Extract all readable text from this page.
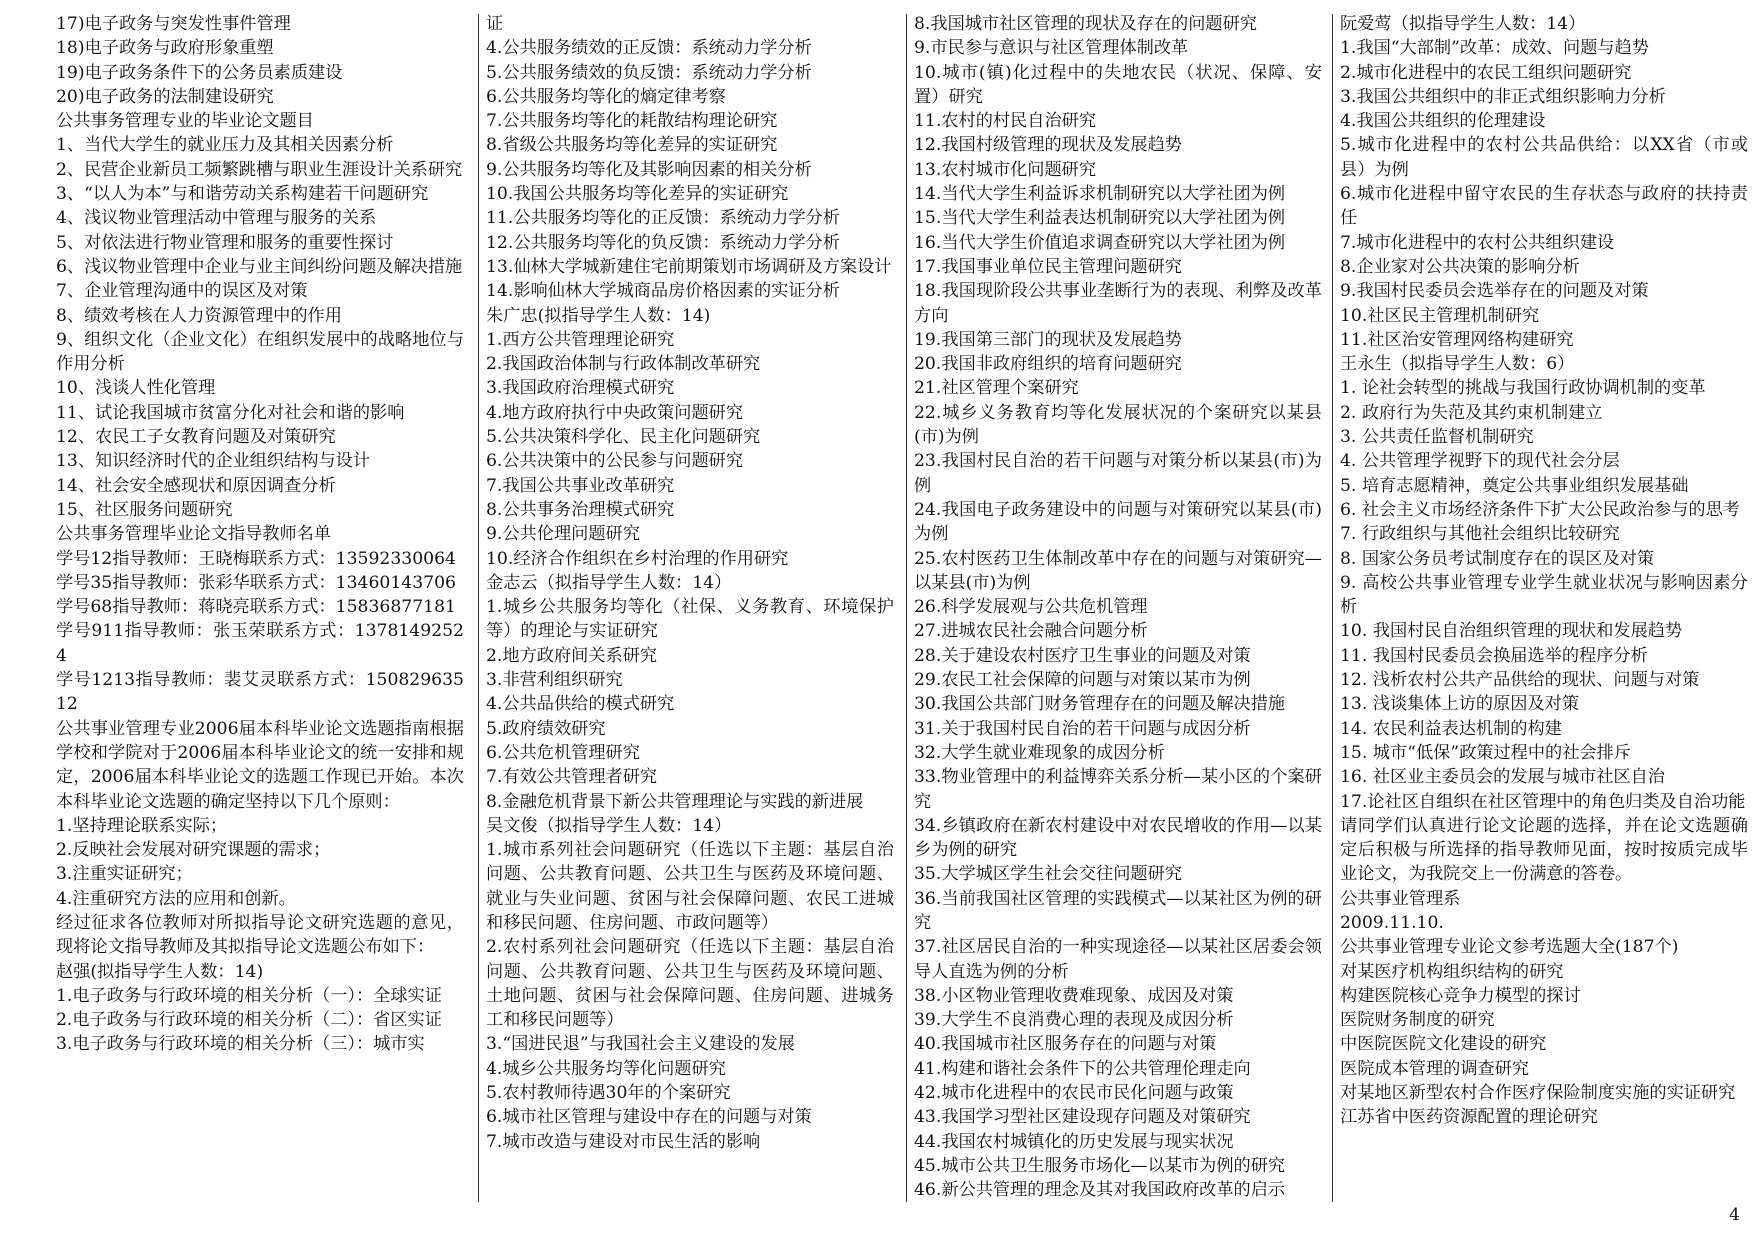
17)电子政务与突发性事件管理
18)电子政务与政府形象重塑
19)电子政务条件下的公务员素质建设
20)电子政务的法制建设研究
公共事务管理专业的毕业论文题目
1、当代大学生的就业压力及其相关因素分析
2、民营企业新员工频繁跳槽与职业生涯设计关系研究
3、“以人为本”与和谐劳动关系构建若干问题研究
4、浅议物业管理活动中管理与服务的关系
5、对依法进行物业管理和服务的重要性探讨
6、浅议物业管理中企业与业主间纠纷问题及解决措施
7、企业管理沟通中的误区及对策
8、绩效考核在人力资源管理中的作用
9、组织文化（企业文化）在组织发展中的战略地位与作用分析
10、浅谈人性化管理
11、试论我国城市贫富分化对社会和谐的影响
12、农民工子女教育问题及对策研究
13、知识经济时代的企业组织结构与设计
14、社会安全感现状和原因调查分析
15、社区服务问题研究
公共事务管理毕业论文指导教师名单
学号12指导教师：王晓梅联系方式：13592330064
学号35指导教师：张彩华联系方式：13460143706
学号68指导教师：蒋晓亮联系方式：15836877181
学号911指导教师：张玉荣联系方式：13781492524
学号1213指导教师：裴艾灵联系方式：15082963512
公共事业管理专业2006届本科毕业论文选题指南根据学校和学院对于2006届本科毕业论文的统一安排和规定，2006届本科毕业论文的选题工作现已开始。本次本科毕业论文选题的确定坚持以下几个原则：
1.坚持理论联系实际；
2.反映社会发展对研究课题的需求；
3.注重实证研究；
4.注重研究方法的应用和创新。
经过征求各位教师对所拟指导论文研究选题的意见，现将论文指导教师及其拟指导论文选题公布如下：
赵强(拟指导学生人数：14)
1.电子政务与行政环境的相关分析（一）：全球实证
2.电子政务与行政环境的相关分析（二）：省区实证
3.电子政务与行政环境的相关分析（三）：城市实
证
4.公共服务绩效的正反馈：系统动力学分析
5.公共服务绩效的负反馈：系统动力学分析
6.公共服务均等化的熵定律考察
7.公共服务均等化的耗散结构理论研究
8.省级公共服务均等化差异的实证研究
9.公共服务均等化及其影响因素的相关分析
10.我国公共服务均等化差异的实证研究
11.公共服务均等化的正反馈：系统动力学分析
12.公共服务均等化的负反馈：系统动力学分析
13.仙林大学城新建住宅前期策划市场调研及方案设计
14.影响仙林大学城商品房价格因素的实证分析
朱广忠(拟指导学生人数：14)
1.西方公共管理理论研究
2.我国政治体制与行政体制改革研究
3.我国政府治理模式研究
4.地方政府执行中央政策问题研究
5.公共决策科学化、民主化问题研究
6.公共决策中的公民参与问题研究
7.我国公共事业改革研究
8.公共事务治理模式研究
9.公共伦理问题研究
10.经济合作组织在乡村治理的作用研究
金志云（拟指导学生人数：14）
1.城乡公共服务均等化（社保、义务教育、环境保护等）的理论与实证研究
2.地方政府间关系研究
3.非营利组织研究
4.公共品供给的模式研究
5.政府绩效研究
6.公共危机管理研究
7.有效公共管理者研究
8.金融危机背景下新公共管理理论与实践的新进展
吴文俊（拟指导学生人数：14）
1.城市系列社会问题研究（任选以下主题：基层自治问题、公共教育问题、公共卫生与医药及环境问题、就业与失业问题、贫困与社会保障问题、农民工进城和移民问题、住房问题、市政问题等）
2.农村系列社会问题研究（任选以下主题：基层自治问题、公共教育问题、公共卫生与医药及环境问题、土地问题、贫困与社会保障问题、住房问题、进城务工和移民问题等）
3.“国进民退”与我国社会主义建设的发展
4.城乡公共服务均等化问题研究
5.农村教师待遇30年的个案研究
6.城市社区管理与建设中存在的问题与对策
7.城市改造与建设对市民生活的影响
8.我国城市社区管理的现状及存在的问题研究
9.市民参与意识与社区管理体制改革
10.城市(镇)化过程中的失地农民（状况、保障、安置）研究
11.农村的村民自治研究
12.我国村级管理的现状及发展趋势
13.农村城市化问题研究
14.当代大学生利益诉求机制研究以大学社团为例
15.当代大学生利益表达机制研究以大学社团为例
16.当代大学生价值追求调查研究以大学社团为例
17.我国事业单位民主管理问题研究
18.我国现阶段公共事业垄断行为的表现、利弊及改革方向
19.我国第三部门的现状及发展趋势
20.我国非政府组织的培育问题研究
21.社区管理个案研究
22.城乡义务教育均等化发展状况的个案研究以某县(市)为例
23.我国村民自治的若干问题与对策分析以某县(市)为例
24.我国电子政务建设中的问题与对策研究以某县(市)为例
25.农村医药卫生体制改革中存在的问题与对策研究—以某县(市)为例
26.科学发展观与公共危机管理
27.进城农民社会融合问题分析
28.关于建设农村医疗卫生事业的问题及对策
29.农民工社会保障的问题与对策以某市为例
30.我国公共部门财务管理存在的问题及解决措施
31.关于我国村民自治的若干问题与成因分析
32.大学生就业难现象的成因分析
33.物业管理中的利益博弈关系分析—某小区的个案研究
34.乡镇政府在新农村建设中对农民增收的作用—以某乡为例的研究
35.大学城区学生社会交往问题研究
36.当前我国社区管理的实践模式—以某社区为例的研究
37.社区居民自治的一种实现途径—以某社区居委会领导人直选为例的分析
38.小区物业管理收费难现象、成因及对策
39.大学生不良消费心理的表现及成因分析
40.我国城市社区服务存在的问题与对策
41.构建和谐社会条件下的公共管理伦理走向
42.城市化进程中的农民市民化问题与政策
43.我国学习型社区建设现存问题及对策研究
44.我国农村城镇化的历史发展与现实状况
45.城市公共卫生服务市场化—以某市为例的研究
46.新公共管理的理念及其对我国政府改革的启示
阮爱莺（拟指导学生人数：14）
1.我国“大部制”改革：成效、问题与趋势
2.城市化进程中的农民工组织问题研究
3.我国公共组织中的非正式组织影响力分析
4.我国公共组织的伦理建设
5.城市化进程中的农村公共品供给：以XX省（市或县）为例
6.城市化进程中留守农民的生存状态与政府的扶持责任
7.城市化进程中的农村公共组织建设
8.企业家对公共决策的影响分析
9.我国村民委员会选举存在的问题及对策
10.社区民主管理机制研究
11.社区治安管理网络构建研究
王永生（拟指导学生人数：6）
1. 论社会转型的挑战与我国行政协调机制的变革
2. 政府行为失范及其约束机制建立
3. 公共责任监督机制研究
4. 公共管理学视野下的现代社会分层
5. 培育志愿精神，奠定公共事业组织发展基础
6. 社会主义市场经济条件下扩大公民政治参与的思考
7. 行政组织与其他社会组织比较研究
8. 国家公务员考试制度存在的误区及对策
9. 高校公共事业管理专业学生就业状况与影响因素分析
10. 我国村民自治组织管理的现状和发展趋势
11. 我国村民委员会换届选举的程序分析
12. 浅析农村公共产品供给的现状、问题与对策
13. 浅谈集体上访的原因及对策
14. 农民利益表达机制的构建
15. 城市“低保”政策过程中的社会排斥
16. 社区业主委员会的发展与城市社区自治
17.论社区自组织在社区管理中的角色归类及自治功能
请同学们认真进行论文论题的选择，并在论文选题确定后积极与所选择的指导教师见面，按时按质完成毕业论文，为我院交上一份满意的答卷。
公共事业管理系
2009.11.10.
公共事业管理专业论文参考选题大全(187个)
对某医疗机构组织结构的研究
构建医院核心竞争力模型的探讨
医院财务制度的研究
中医院医院文化建设的研究
医院成本管理的调查研究
对某地区新型农村合作医疗保险制度实施的实证研究
江苏省中医药资源配置的理论研究
4
